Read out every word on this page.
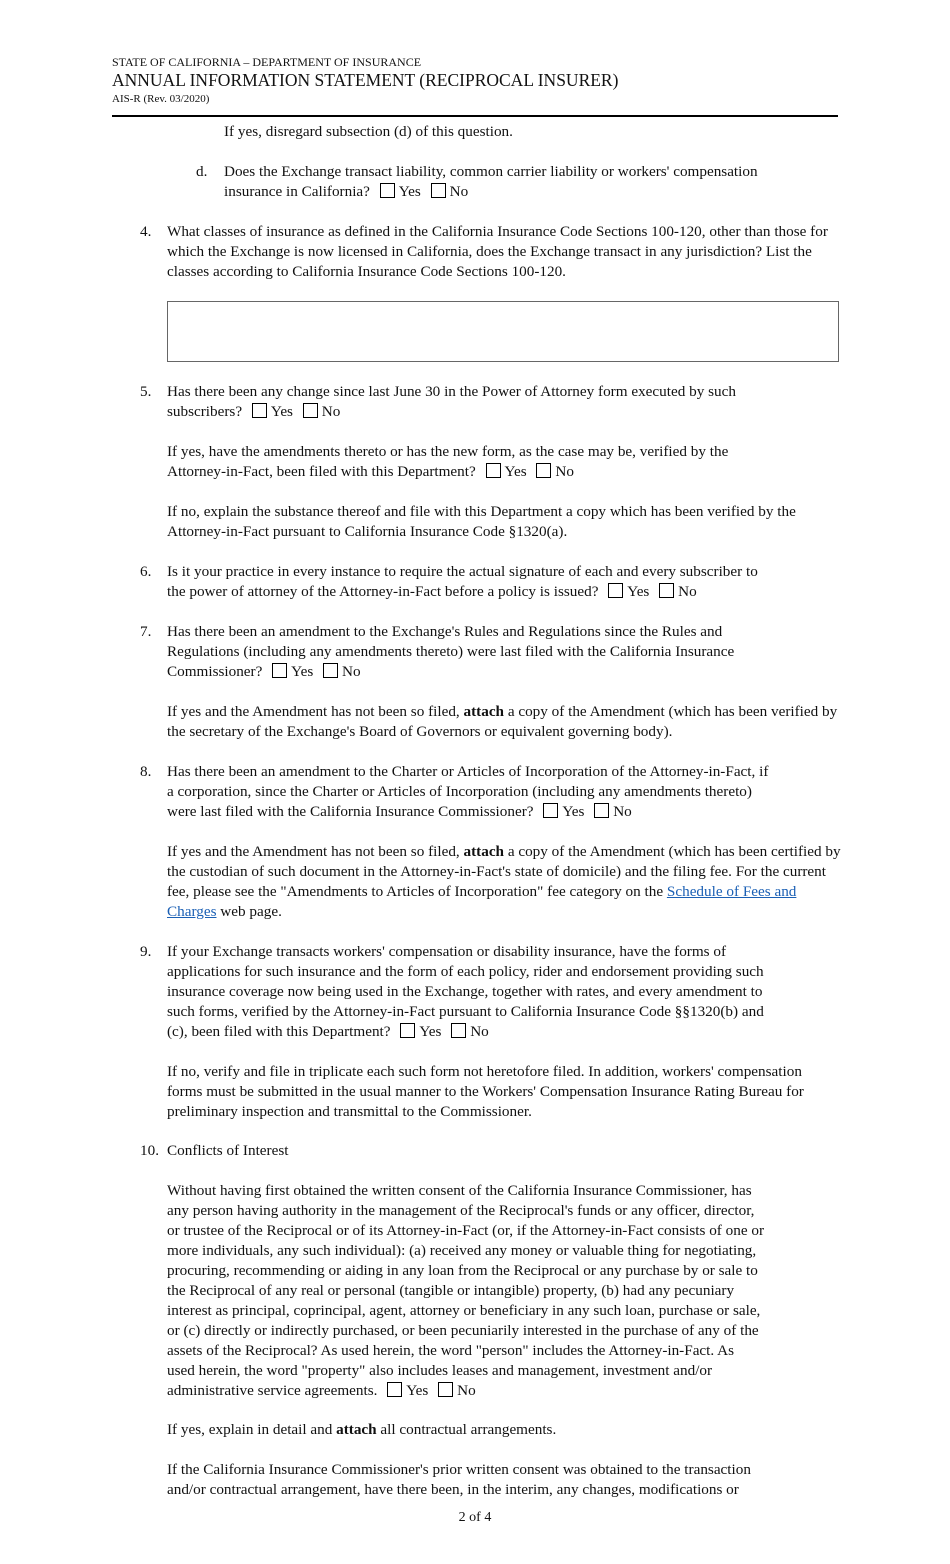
STATE OF CALIFORNIA – DEPARTMENT OF INSURANCE
ANNUAL INFORMATION STATEMENT (RECIPROCAL INSURER)
AIS-R (Rev. 03/2020)

If yes, disregard subsection (d) of this question.

d. Does the Exchange transact liability, common carrier liability or workers' compensation
insurance in California? Yes No

4. What classes of insurance as defined in the California Insurance Code Sections 100-120, other than those for which the Exchange is now licensed in California, does the Exchange transact in any jurisdiction? List the classes according to California Insurance Code Sections 100-120.

5. Has there been any change since last June 30 in the Power of Attorney form executed by such
subscribers? Yes No

If yes, have the amendments thereto or has the new form, as the case may be, verified by the
Attorney-in-Fact, been filed with this Department? Yes No

If no, explain the substance thereof and file with this Department a copy which has been verified by the Attorney-in-Fact pursuant to California Insurance Code §1320(a).

6. Is it your practice in every instance to require the actual signature of each and every subscriber to
the power of attorney of the Attorney-in-Fact before a policy is issued? Yes No

7. Has there been an amendment to the Exchange's Rules and Regulations since the Rules and
Regulations (including any amendments thereto) were last filed with the California Insurance
Commissioner? Yes No

If yes and the Amendment has not been so filed, attach a copy of the Amendment (which has been verified by the secretary of the Exchange's Board of Governors or equivalent governing body).

8. Has there been an amendment to the Charter or Articles of Incorporation of the Attorney-in-Fact, if
a corporation, since the Charter or Articles of Incorporation (including any amendments thereto)
were last filed with the California Insurance Commissioner? Yes No

If yes and the Amendment has not been so filed, attach a copy of the Amendment (which has been certified by the custodian of such document in the Attorney-in-Fact's state of domicile) and the filing fee. For the current fee, please see the "Amendments to Articles of Incorporation" fee category on the Schedule of Fees and Charges web page.

9. If your Exchange transacts workers' compensation or disability insurance, have the forms of
applications for such insurance and the form of each policy, rider and endorsement providing such
insurance coverage now being used in the Exchange, together with rates, and every amendment to
such forms, verified by the Attorney-in-Fact pursuant to California Insurance Code §§1320(b) and
(c), been filed with this Department? Yes No

If no, verify and file in triplicate each such form not heretofore filed. In addition, workers' compensation forms must be submitted in the usual manner to the Workers' Compensation Insurance Rating Bureau for preliminary inspection and transmittal to the Commissioner.

10. Conflicts of Interest

Without having first obtained the written consent of the California Insurance Commissioner, has
any person having authority in the management of the Reciprocal's funds or any officer, director,
or trustee of the Reciprocal or of its Attorney-in-Fact (or, if the Attorney-in-Fact consists of one or
more individuals, any such individual): (a) received any money or valuable thing for negotiating,
procuring, recommending or aiding in any loan from the Reciprocal or any purchase by or sale to
the Reciprocal of any real or personal (tangible or intangible) property, (b) had any pecuniary
interest as principal, coprincipal, agent, attorney or beneficiary in any such loan, purchase or sale,
or (c) directly or indirectly purchased, or been pecuniarily interested in the purchase of any of the
assets of the Reciprocal? As used herein, the word "person" includes the Attorney-in-Fact. As
used herein, the word "property" also includes leases and management, investment and/or
administrative service agreements. Yes No

If yes, explain in detail and attach all contractual arrangements.

If the California Insurance Commissioner's prior written consent was obtained to the transaction
and/or contractual arrangement, have there been, in the interim, any changes, modifications or

2 of 4
